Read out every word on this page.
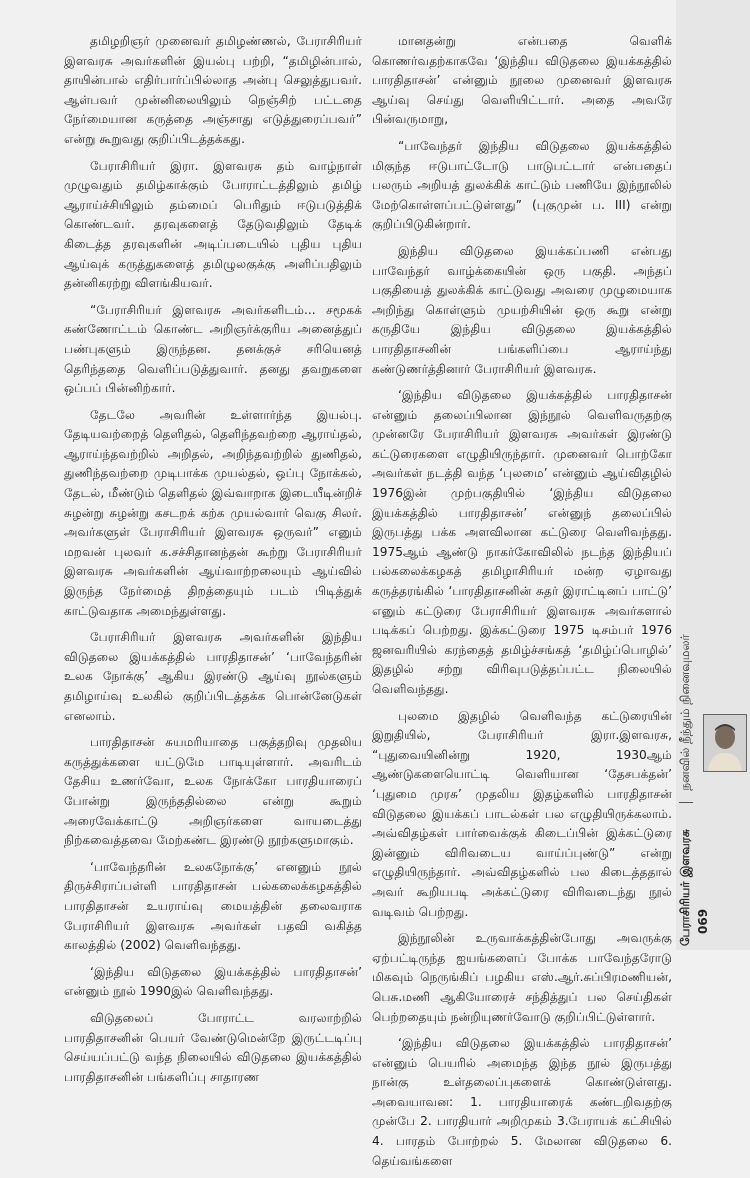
தமிழறிஞர் முனைவர் தமிழண்ணல், பேராசிரியர் இளவரசு அவர்களின் இயல்பு பற்றி, “தமிழின்பால், தாயின்பால் எதிர்பார்ப்பில்லாத அன்பு செலுத்துபவர். ஆள்பவர் முன்னிலையிலும் நெஞ்சிற் பட்டதை நேர்மையான கருத்தை அஞ்சாது எடுத்துரைப்பவர்” என்று கூறுவது குறிப்பிடத்தக்கது.

பேராசிரியர் இரா. இளவரசு தம் வாழ்நாள் முழுவதும் தமிழ்காக்கும் போராட்டத்திலும் தமிழ் ஆராய்ச்சியிலும் தம்மைப் பெரிதும் ஈடுபடுத்திக் கொண்டவர். தரவுகளைத் தேடுவதிலும் தேடிக் கிடைத்த தரவுகளின் அடிப்படையில் புதிய புதிய ஆய்வுக் கருத்துகளைத் தமிழுலகுக்கு அளிப்பதிலும் தன்னிகரற்று விளங்கியவர்.

“பேராசிரியர் இளவரசு அவர்களிடம்... சமூகக் கண்ணோட்டம் கொண்ட அறிஞர்க்குரிய அனைத்துப் பண்புகளும் இருந்தன. தனக்குச் சரியெனத் தெரிந்ததை வெளிப்படுத்துவார். தனது தவறுகளை ஒப்பப் பின்னிற்கார்.

தேடலே அவரின் உள்ளார்ந்த இயல்பு. தேடியவற்றைத் தெளிதல், தெளிந்தவற்றை ஆராய்தல், ஆராய்ந்தவற்றில் அறிதல், அறிந்தவற்றில் துணிதல், துணிந்தவற்றை முடிபாக்க முயல்தல், ஒப்பு நோக்கல், தேடல், மீண்டும் தெளிதல் இவ்வாறாக இடையீடின்றிச் சுழன்று சுழன்று கசடறக் கற்க முயல்வார் வெகு சிலர். அவர்களுள் பேராசிரியர் இளவரசு ஒருவர்” எனும் மறவன் புலவர் க.சச்சிதானந்தன் கூற்று பேராசிரியர் இளவரசு அவர்களின் ஆய்வாற்றலையும் ஆய்வில் இருந்த நேர்மைத் திறத்தையும் படம் பிடித்துக் காட்டுவதாக அமைந்துள்ளது.

பேராசிரியர் இளவரசு அவர்களின் இந்திய விடுதலை இயக்கத்தில் பாரதிதாசன்’ ‘பாவேந்தரின் உலக நோக்கு’ ஆகிய இரண்டு ஆய்வு நூல்களும் தமிழாய்வு உலகில் குறிப்பிடத்தக்க பொன்னேடுகள் எனலாம்.

பாரதிதாசன் சுயமரியாதை பகுத்தறிவு முதலிய கருத்துக்களை யட்டுமே பாடியுள்ளார். அவரிடம் தேசிய உணர்வோ, உலக நோக்கோ பாரதியாரைப் போன்று இருந்ததில்லை என்று கூறும் அரைவேக்காட்டு அறிஞர்களை வாயடைத்து நிற்கவைத்தவை மேற்கண்ட இரண்டு நூற்களுமாகும்.

‘பாவேந்தரின் உலகநோக்கு’ எனனும் நூல் திருச்சிராப்பள்ளி பாரதிதாசன் பல்கலைக்கழகத்தில் பாரதிதாசன் உயராய்வு மையத்தின் தலைவராக பேராசிரியர் இளவரசு அவர்கள் பதவி வகித்த காலத்தில் (2002) வெளிவந்தது.

‘இந்திய விடுதலை இயக்கத்தில் பாரதிதாசன்’ என்னும் நூல் 1990இல் வெளிவந்தது.

விடுதலைப் போராட்ட வரலாற்றில் பாரதிதாசனின் பெயர் வேண்டுமென்றே இருட்டடிப்பு செய்யப்பட்டு வந்த நிலையில் விடுதலை இயக்கத்தில் பாரதிதாசனின் பங்களிப்பு சாதாரண

மானதன்று என்பதை வெளிக் கொணர்வதற்காகவே ‘இந்திய விடுதலை இயக்கத்தில் பாரதிதாசன்’ என்னும் நூலை முனைவர் இளவரசு ஆய்வு செய்து வெளியிட்டார். அதை அவரே பின்வருமாறு,

“பாவேந்தர் இந்திய விடுதலை இயக்கத்தில் மிகுந்த ஈடுபாட்டோடு பாடுபட்டார் என்பதைப் பலரும் அறியத் துலக்கிக் காட்டும் பணியே இந்நூலில் மேற்கொள்ளப்பட்டுள்ளது” (புகுமுன் ப. III) என்று குறிப்பிடுகின்றார்.

இந்திய விடுதலை இயக்கப்பணி என்பது பாவேந்தர் வாழ்க்கையின் ஒரு பகுதி. அந்தப் பகுதியைத் துலக்கிக் காட்டுவது அவரை முழுமையாக அறிந்து கொள்ளும் முயற்சியின் ஒரு கூறு என்று கருதியே இந்திய விடுதலை இயக்கத்தில் பாரதிதாசனின் பங்களிப்பை ஆராய்ந்து கண்டுணர்த்தினார் பேராசிரியர் இளவரசு.

‘இந்திய விடுதலை இயக்கத்தில் பாரதிதாசன் என்னும் தலைப்பிலான இந்நூல் வெளிவருதற்கு முன்னரே பேராசிரியர் இளவரசு அவர்கள் இரண்டு கட்டுரைகளை எழுதியிருந்தார். முனைவர் பொற்கோ அவர்கள் நடத்தி வந்த ‘புலமை’ என்னும் ஆய்விதழில் 1976இன் முற்பகுதியில் ‘இந்திய விடுதலை இயக்கத்தில் பாரதிதாசன்’ என்னுந் தலைப்பில் இருபத்து பக்க அளவிலான கட்டுரை வெளிவந்தது. 1975ஆம் ஆண்டு நாகர்கோவிலில் நடந்த இந்தியப் பல்கலைக்கழகத் தமிழாசிரியர் மன்ற ஏழாவது கருத்தரங்கில் ‘பாரதிதாசனின் சுதர் இராட்டினப் பாட்டு’ எனும் கட்டுரை பேராசிரியர் இளவரசு அவர்களால் படிக்கப் பெற்றது. இக்கட்டுரை 1975 டிசம்பர் 1976 ஜனவரியில் கரந்தைத் தமிழ்ச்சங்கத் ‘தமிழ்ப்பொழில்’ இதழில் சற்று விரிவுபடுத்தப்பட்ட நிலையில் வெளிவந்தது.

புலமை இதழில் வெளிவந்த கட்டுரையின் இறுதியில், பேராசிரியர் இரா.இளவரசு, “புதுவையினின்று 1920, 1930ஆம் ஆண்டுகளையொட்டி வெளியான ‘தேசபக்தன்’ ‘புதுமை முரசு’ முதலிய இதழ்களில் பாரதிதாசன் விடுதலை இயக்கப் பாடல்கள் பல எழுதியிருக்கலாம். அவ்விதழ்கள் பார்வைக்குக் கிடைப்பின் இக்கட்டுரை இன்னும் விரிவடைய வாய்ப்புண்டு” என்று எழுதியிருந்தார். அவ்விதழ்களில் பல கிடைத்ததால் அவர் கூறியபடி அக்கட்டுரை விரிவடைந்து நூல் வடிவம் பெற்றது.

இந்நூலின் உருவாக்கத்தின்போது அவருக்கு ஏற்பட்டிருந்த ஐயங்களைப் போக்க பாவேந்தரோடு மிகவும் நெருங்கிப் பழகிய எஸ்.ஆர்.சுப்பிரமணியன், பெசு.மணி ஆகியோரைச் சந்தித்துப் பல செய்திகள் பெற்றதையும் நன்றியுணர்வோடு குறிப்பிட்டுள்ளார்.

‘இந்திய விடுதலை இயக்கத்தில் பாரதிதாசன்’ என்னும் பெயரில் அமைந்த இந்த நூல் இருபத்து நான்கு உள்தலைப்புகளைக் கொண்டுள்ளது. அவையாவன: 1. பாரதியாரைக் கண்டறிவதற்கு முன்பே 2. பாரதியார் அறிமுகம் 3.பேராயக் கட்சியில் 4. பாரதம் போற்றல் 5. மேலான விடுதலை 6. தெய்வங்களை

பேராசிரியர் இளவரசு  நனவில் நீந்தும் நினைவுமலர்
069
